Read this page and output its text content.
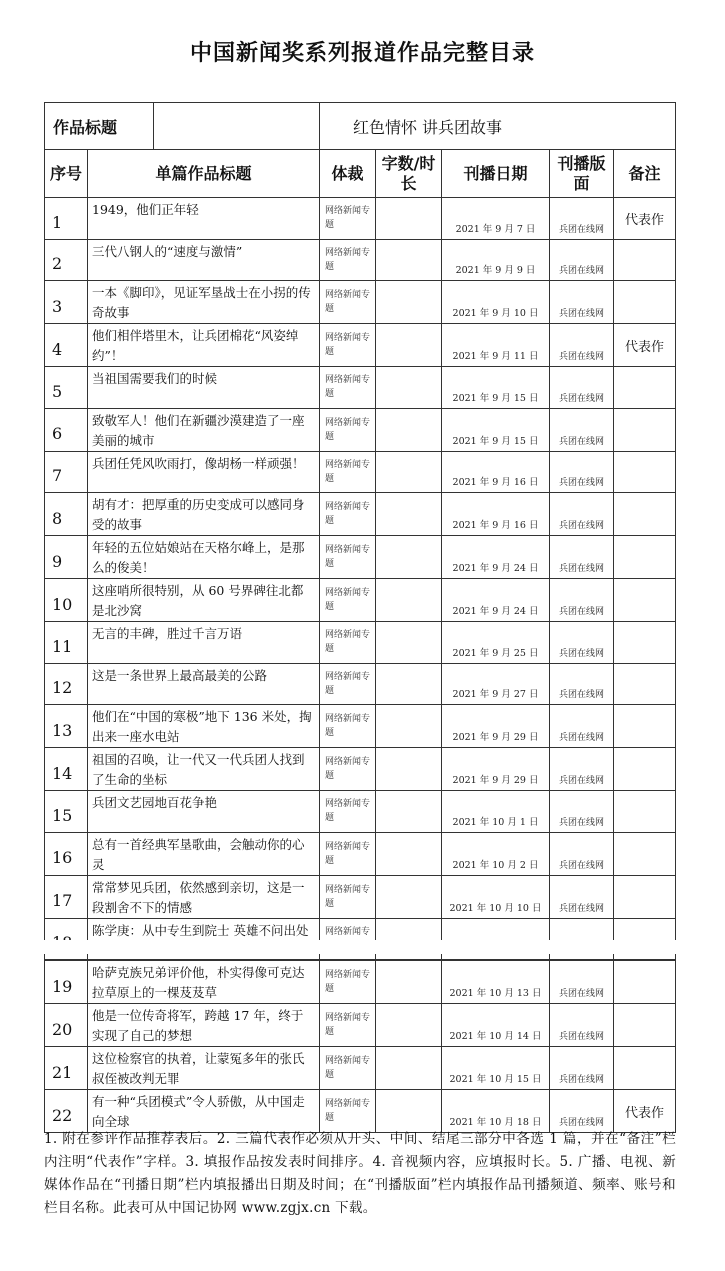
中国新闻奖系列报道作品完整目录
作品标题		红色情怀 讲兵团故事				
序号	单篇作品标题	体裁	字数/时长	刊播日期	刊播版面	备注
1	1949，他们正年轻	网络新闻专题		2021 年 9 月 7 日	兵团在线网	代表作
2	三代八钢人的“速度与激情”	网络新闻专题		2021 年 9 月 9 日	兵团在线网	
3	一本《脚印》，见证军垦战士在小拐的传奇故事	网络新闻专题		2021 年 9 月 10 日	兵团在线网	
4	他们相伴塔里木，让兵团棉花“风姿绰约”！	网络新闻专题		2021 年 9 月 11 日	兵团在线网	代表作
5	当祖国需要我们的时候	网络新闻专题		2021 年 9 月 15 日	兵团在线网	
6	致敬军人！他们在新疆沙漠建造了一座美丽的城市	网络新闻专题		2021 年 9 月 15 日	兵团在线网	
7	兵团任凭风吹雨打，像胡杨一样顽强！	网络新闻专题		2021 年 9 月 16 日	兵团在线网	
8	胡有才：把厚重的历史变成可以感同身受的故事	网络新闻专题		2021 年 9 月 16 日	兵团在线网	
9	年轻的五位姑娘站在天格尔峰上，是那么的俊美！	网络新闻专题		2021 年 9 月 24 日	兵团在线网	
10	这座哨所很特别，从 60 号界碑往北都是北沙窝	网络新闻专题		2021 年 9 月 24 日	兵团在线网	
11	无言的丰碑，胜过千言万语	网络新闻专题		2021 年 9 月 25 日	兵团在线网	
12	这是一条世界上最高最美的公路	网络新闻专题		2021 年 9 月 27 日	兵团在线网	
13	他们在“中国的寒极”地下 136 米处，掏出来一座水电站	网络新闻专题		2021 年 9 月 29 日	兵团在线网	
14	祖国的召唤，让一代又一代兵团人找到了生命的坐标	网络新闻专题		2021 年 9 月 29 日	兵团在线网	
15	兵团文艺园地百花争艳	网络新闻专题		2021 年 10 月 1 日	兵团在线网	
16	总有一首经典军垦歌曲，会触动你的心灵	网络新闻专题		2021 年 10 月 2 日	兵团在线网	
17	常常梦见兵团，依然感到亲切，这是一段割舍不下的情感	网络新闻专题		2021 年 10 月 10 日	兵团在线网	
	陈学庚：从中专生到院士 英雄不问出处	网络新闻专				
19	哈萨克族兄弟评价他，朴实得像可克达拉草原上的一棵芨芨草	网络新闻专题		2021 年 10 月 13 日	兵团在线网	
20	他是一位传奇将军，跨越 17 年，终于实现了自己的梦想	网络新闻专题		2021 年 10 月 14 日	兵团在线网	
21	这位检察官的执着，让蒙冤多年的张氏叔侄被改判无罪	网络新闻专题		2021 年 10 月 15 日	兵团在线网	
22	有一种“兵团模式”令人骄傲，从中国走向全球	网络新闻专题		2021 年 10 月 18 日	兵团在线网	代表作
1. 附在参评作品推荐表后。2. 三篇代表作必须从开头、中间、结尾三部分中各选 1 篇，并在“备注”栏内注明“代表作”字样。3. 填报作品按发表时间排序。4. 音视频内容，应填报时长。5. 广播、电视、新媒体作品在“刊播日期”栏内填报播出日期及时间；在“刊播版面”栏内填报作品刊播频道、频率、账号和栏目名称。此表可从中国记协网 www.zgjx.cn 下载。
